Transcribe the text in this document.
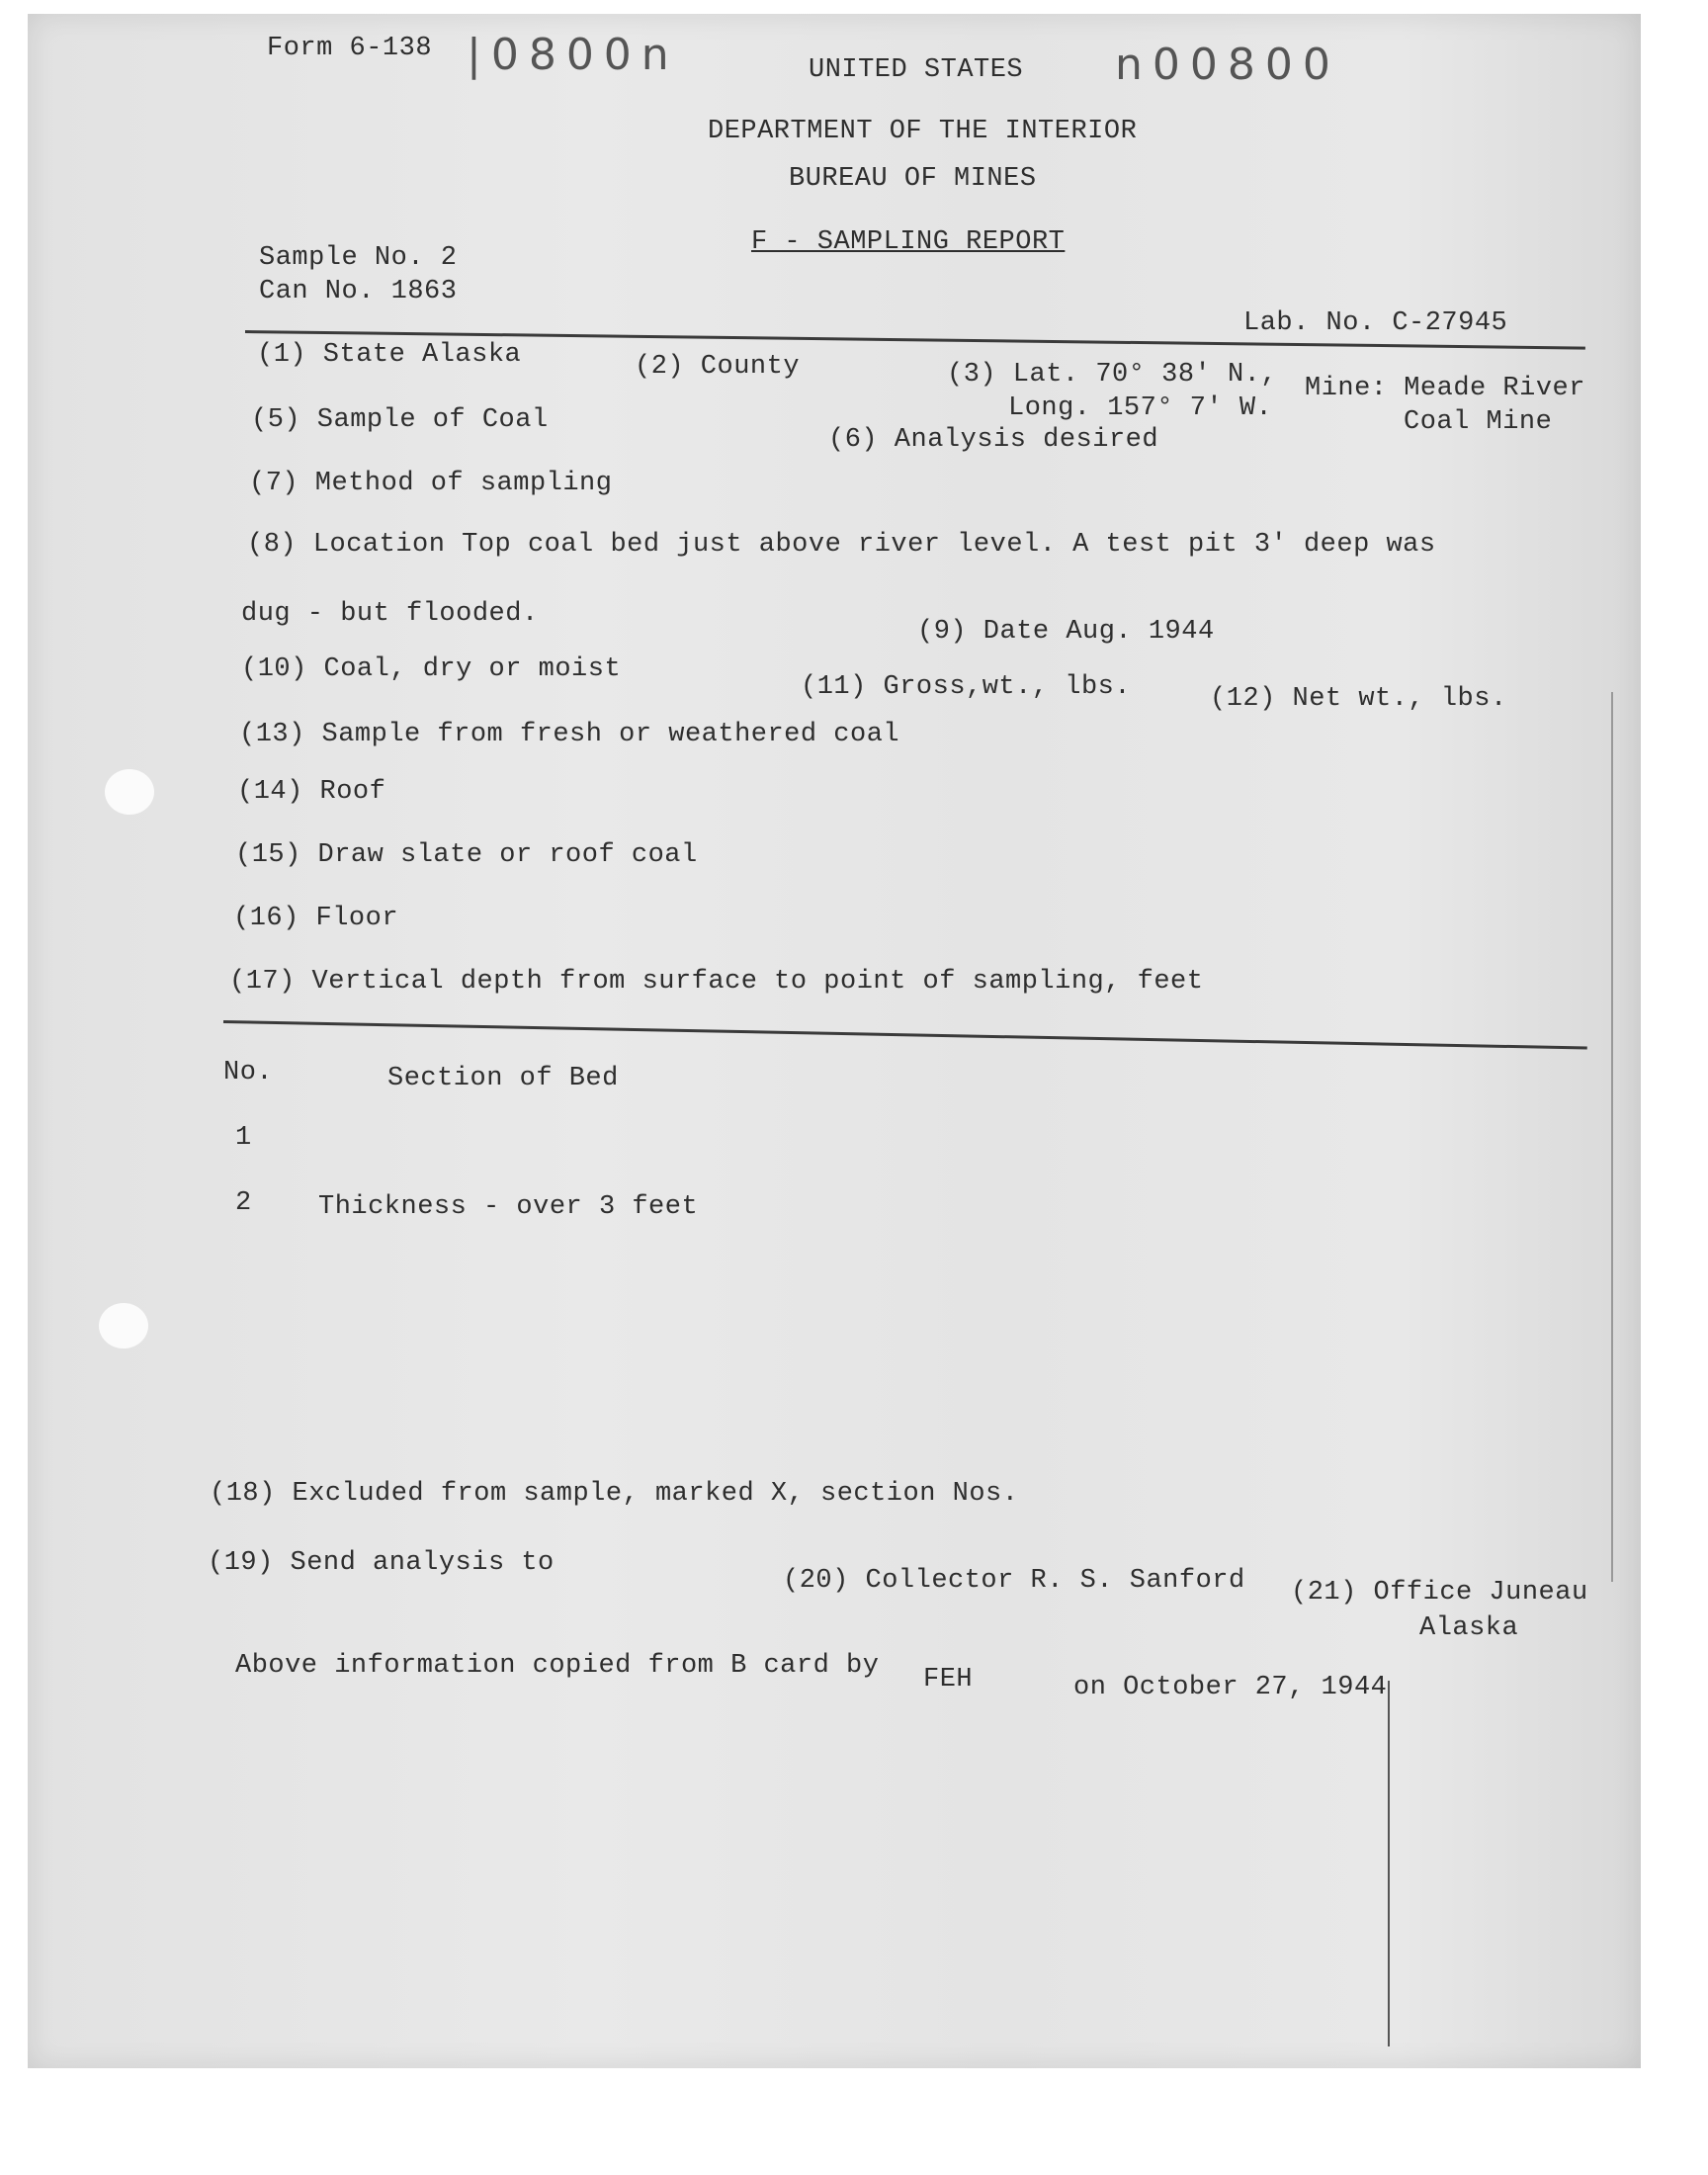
Form 6-138 |0800n	UNITED STATES n00800
DEPARTMENT OF THE INTERIOR
BUREAU OF MINES
F - SAMPLING REPORT
Sample No. 2
Can No. 1863
Lab. No. C-27945
(1) State Alaska	(2) County	(3) Lat. 70° 38' N.,
Long. 157° 7' W.
Mine: Meade River
Coal Mine
(5) Sample of Coal
(6) Analysis desired
(7) Method of sampling
(8) Location Top coal bed just above river level. A test pit 3' deep was
dug - but flooded.
(9) Date Aug. 1944
(10) Coal, dry or moist
(11) Gross,wt., lbs.	(12) Net wt., lbs.
(13) Sample from fresh or weathered coal
(14) Roof
(15) Draw slate or roof coal
(16) Floor
(17) Vertical depth from surface to point of sampling, feet
No.	Section of Bed
1
2 Thickness - over 3 feet
(18) Excluded from sample, marked X, section Nos.
(19) Send analysis to
(20) Collector R. S. Sanford (21) Office Juneau
Alaska
Above information copied from B card by FEH	on October 27, 1944
